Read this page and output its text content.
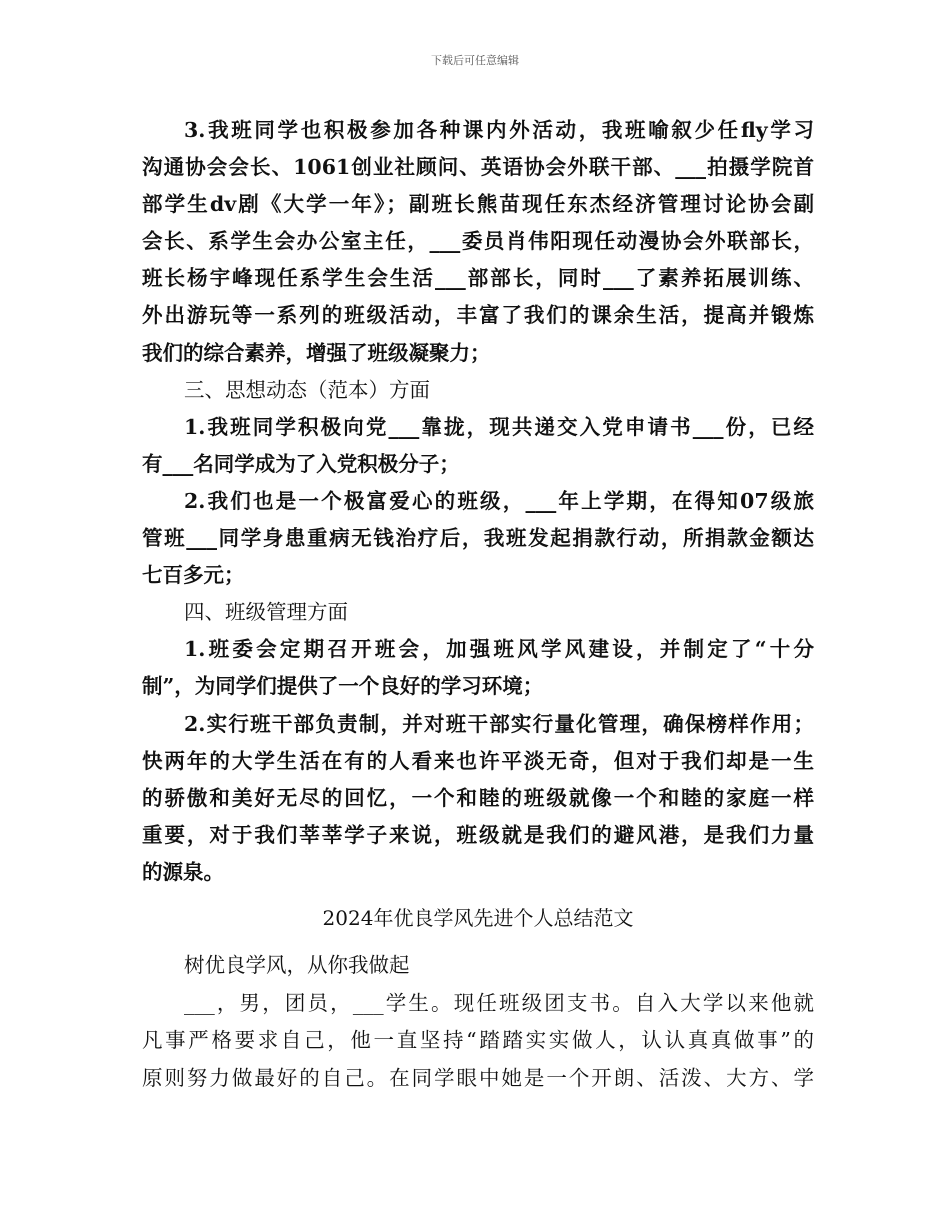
下载后可任意编辑
3.我班同学也积极参加各种课内外活动，我班喻叙少任fly学习
沟通协会会长、1061创业社顾问、英语协会外联干部、___拍摄学院首
部学生dv剧《大学一年》；副班长熊苗现任东杰经济管理讨论协会副
会长、系学生会办公室主任，___委员肖伟阳现任动漫协会外联部长，
班长杨宇峰现任系学生会生活___部部长，同时___了素养拓展训练、
外出游玩等一系列的班级活动，丰富了我们的课余生活，提高并锻炼
我们的综合素养，增强了班级凝聚力；
三、思想动态（范本）方面
1.我班同学积极向党___靠拢，现共递交入党申请书___份，已经
有___名同学成为了入党积极分子；
2.我们也是一个极富爱心的班级，___年上学期，在得知07级旅
管班___同学身患重病无钱治疗后，我班发起捐款行动，所捐款金额达
七百多元；
四、班级管理方面
1.班委会定期召开班会，加强班风学风建设，并制定了“十分
制”，为同学们提供了一个良好的学习环境；
2.实行班干部负责制，并对班干部实行量化管理，确保榜样作用；
快两年的大学生活在有的人看来也许平淡无奇，但对于我们却是一生
的骄傲和美好无尽的回忆，一个和睦的班级就像一个和睦的家庭一样
重要，对于我们莘莘学子来说，班级就是我们的避风港，是我们力量
的源泉。
2024年优良学风先进个人总结范文
树优良学风，从你我做起
___，男，团员，___学生。现任班级团支书。自入大学以来他就
凡事严格要求自己，他一直坚持“踏踏实实做人，认认真真做事”的
原则努力做最好的自己。在同学眼中她是一个开朗、活泼、大方、学
